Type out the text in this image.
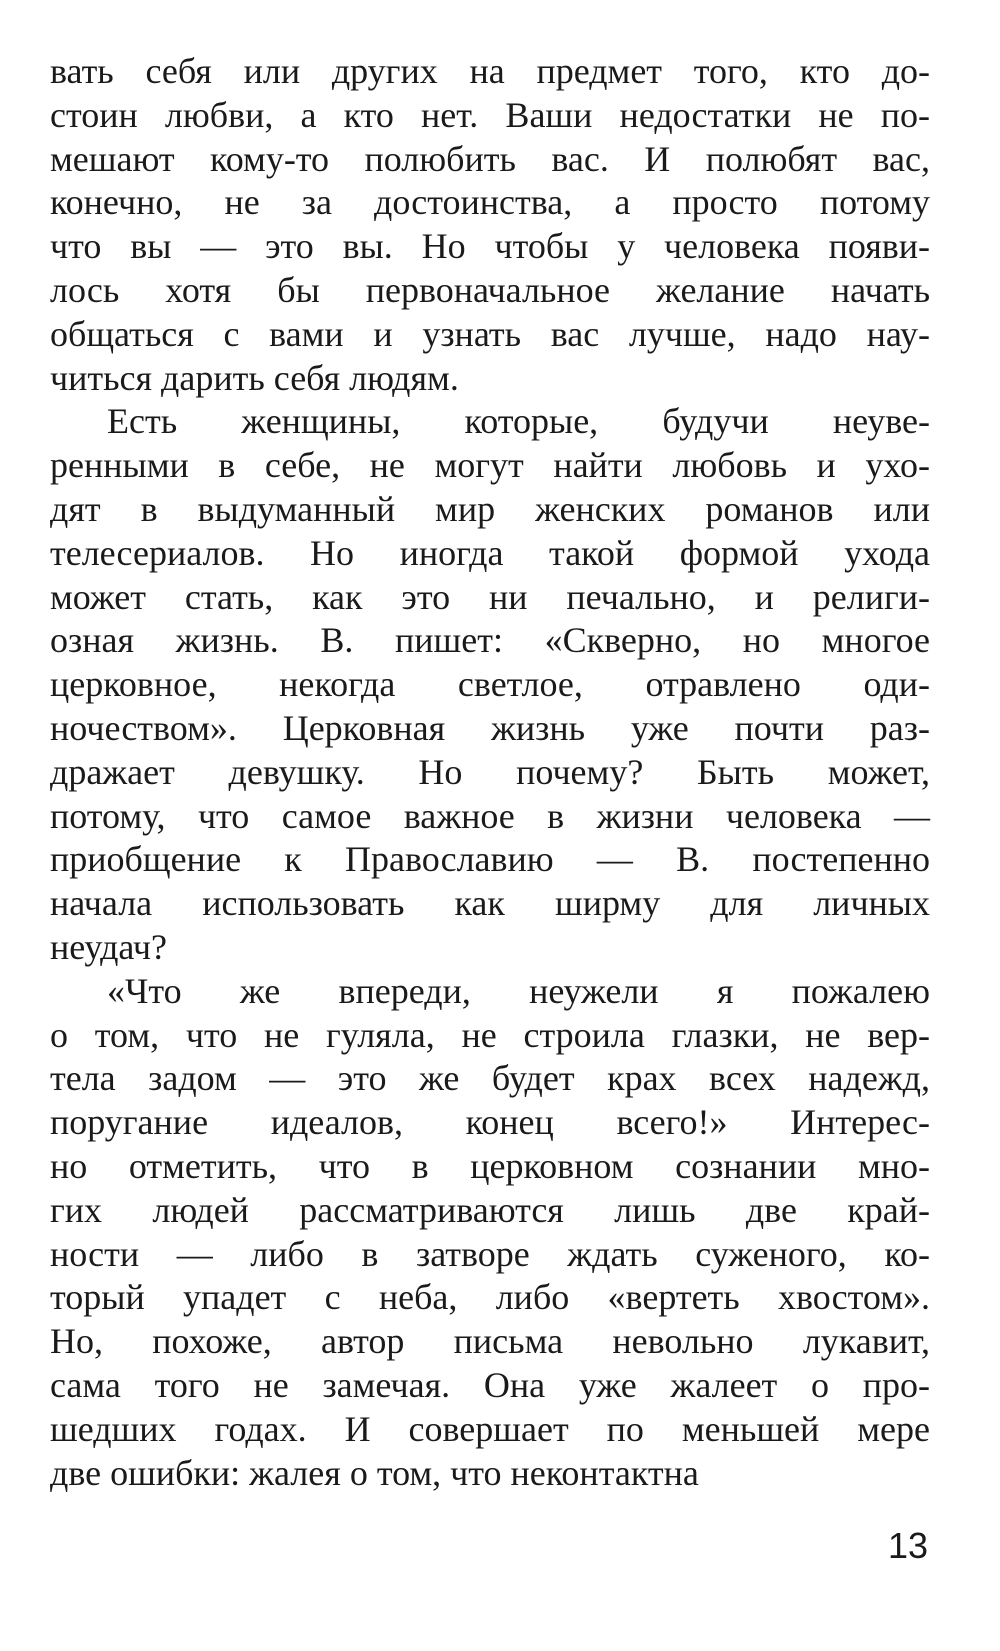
вать себя или других на предмет того, кто до-
стоин любви, а кто нет. Ваши недостатки не по-
мешают кому-то полюбить вас. И полюбят вас,
конечно, не за достоинства, а просто потому
что вы — это вы. Но чтобы у человека появи-
лось хотя бы первоначальное желание начать
общаться с вами и узнать вас лучше, надо нау-
читься дарить себя людям.
Есть женщины, которые, будучи неуве-
ренными в себе, не могут найти любовь и ухо-
дят в выдуманный мир женских романов или
телесериалов. Но иногда такой формой ухода
может стать, как это ни печально, и религи-
озная жизнь. В. пишет: «Скверно, но многое
церковное, некогда светлое, отравлено оди-
ночеством». Церковная жизнь уже почти раз-
дражает девушку. Но почему? Быть может,
потому, что самое важное в жизни человека —
приобщение к Православию — В. постепенно
начала использовать как ширму для личных
неудач?
«Что же впереди, неужели я пожалею
о том, что не гуляла, не строила глазки, не вер-
тела задом — это же будет крах всех надежд,
поругание идеалов, конец всего!» Интерес-
но отметить, что в церковном сознании мно-
гих людей рассматриваются лишь две край-
ности — либо в затворе ждать суженого, ко-
торый упадет с неба, либо «вертеть хвостом».
Но, похоже, автор письма невольно лукавит,
сама того не замечая. Она уже жалеет о про-
шедших годах. И совершает по меньшей мере
две ошибки: жалея о том, что неконтактна
13
